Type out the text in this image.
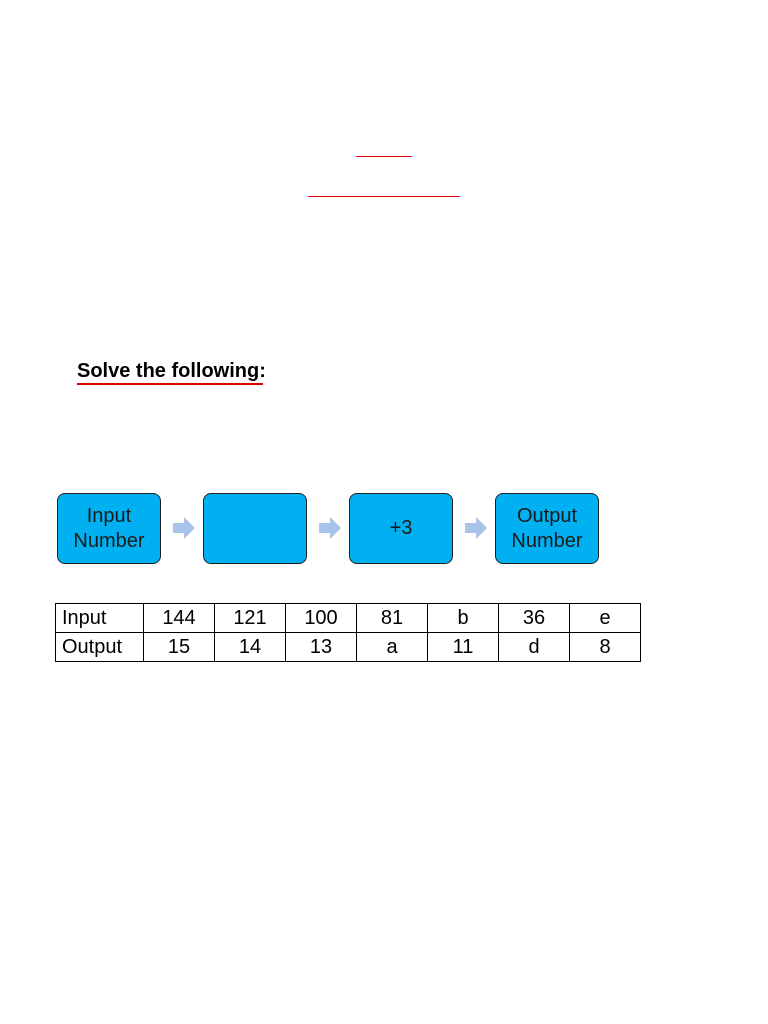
Solve the following:
Input
Number
+3
Output
Number
Input	144	121	100	81	b	36	e
Output	15	14	13	a	11	d	8
